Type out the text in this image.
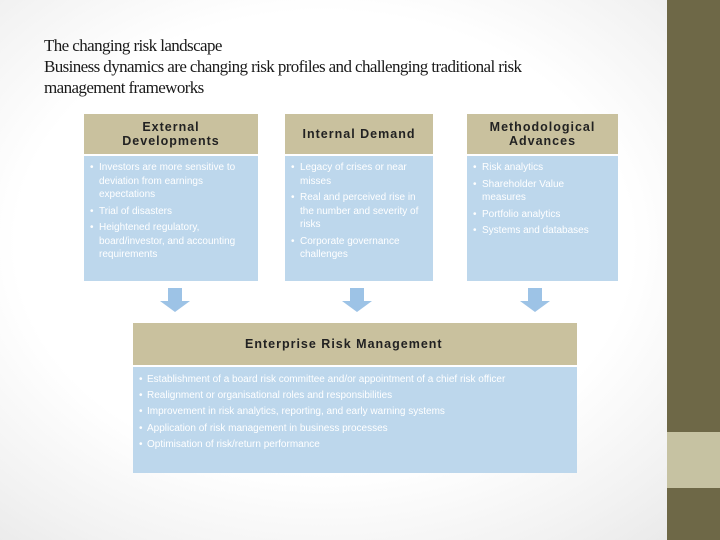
The changing risk landscape
Business dynamics are changing risk profiles and challenging traditional risk
management frameworks
External Developments
• Investors are more sensitive to deviation from earnings expectations
• Trial of disasters
• Heightened regulatory, board/investor, and accounting requirements
Internal Demand
• Legacy of crises or near misses
• Real and perceived rise in the number and severity of risks
• Corporate governance challenges
Methodological Advances
• Risk analytics
• Shareholder Value measures
• Portfolio analytics
• Systems and databases
Enterprise Risk Management
• Establishment of a board risk committee and/or appointment of a chief risk officer
• Realignment or organisational roles and responsibilities
• Improvement in risk analytics, reporting, and early warning systems
• Application of risk management in business processes
• Optimisation of risk/return performance
